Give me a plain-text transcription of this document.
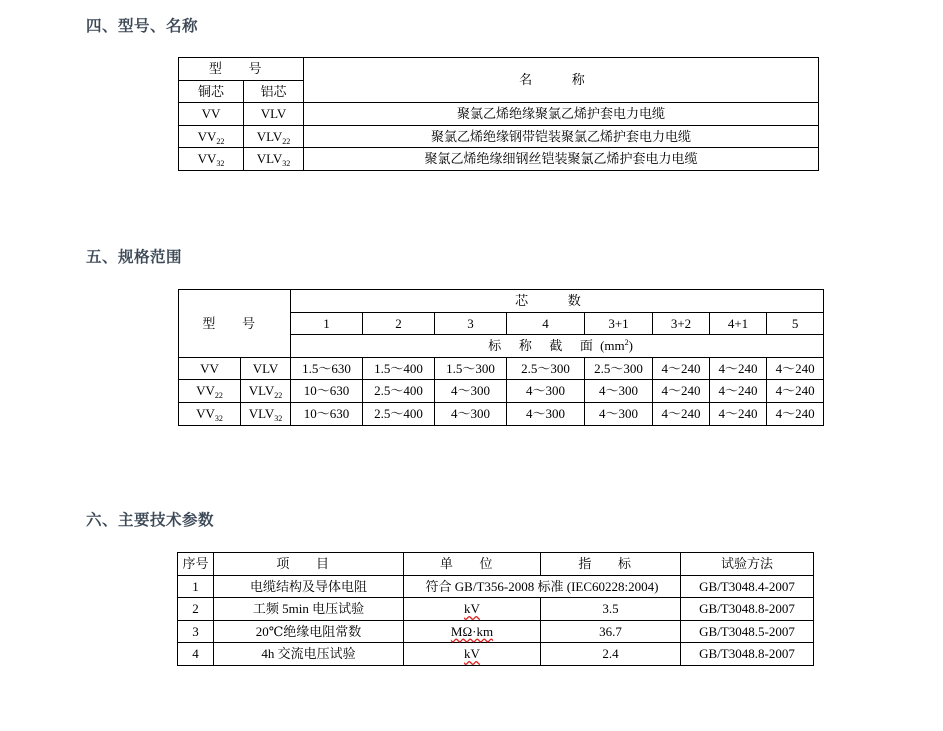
四、型号、名称
型 号		名 称
铜芯	铝芯	
VV	VLV	聚氯乙烯绝缘聚氯乙烯护套电力电缆
$VV_{22}$	$VLV_{22}$	聚氯乙烯绝缘钢带铠装聚氯乙烯护套电力电缆
$VV_{32}$	$VLV_{32}$	聚氯乙烯绝缘细钢丝铠装聚氯乙烯护套电力电缆
五、规格范围
型 号		芯 数							
		1	2	3	4	3+1	3+2	4+1	5
		标 称 截 面$(mm^2)$							
VV	VLV	1.5～630	1.5～400	1.5～300	2.5～300	2.5～300	4～240	4～240	4～240
$VV_{22}$	$VLV_{22}$	10～630	2.5～400	4～300	4～300	4～300	4～240	4～240	4～240
$VV_{32}$	$VLV_{32}$	10～630	2.5～400	4～300	4～300	4～300	4～240	4～240	4～240
六、主要技术参数
序号	项 目	单 位	指 标	试验方法
1	电缆结构及导体电阻	符合 GB/T356-2008 标准 (IEC60228:2004)		GB/T3048.4-2007
2	工频 5min 电压试验	kV	3.5	GB/T3048.8-2007
3	20℃绝缘电阻常数	MΩ·km	36.7	GB/T3048.5-2007
4	4h 交流电压试验	kV	2.4	GB/T3048.8-2007
